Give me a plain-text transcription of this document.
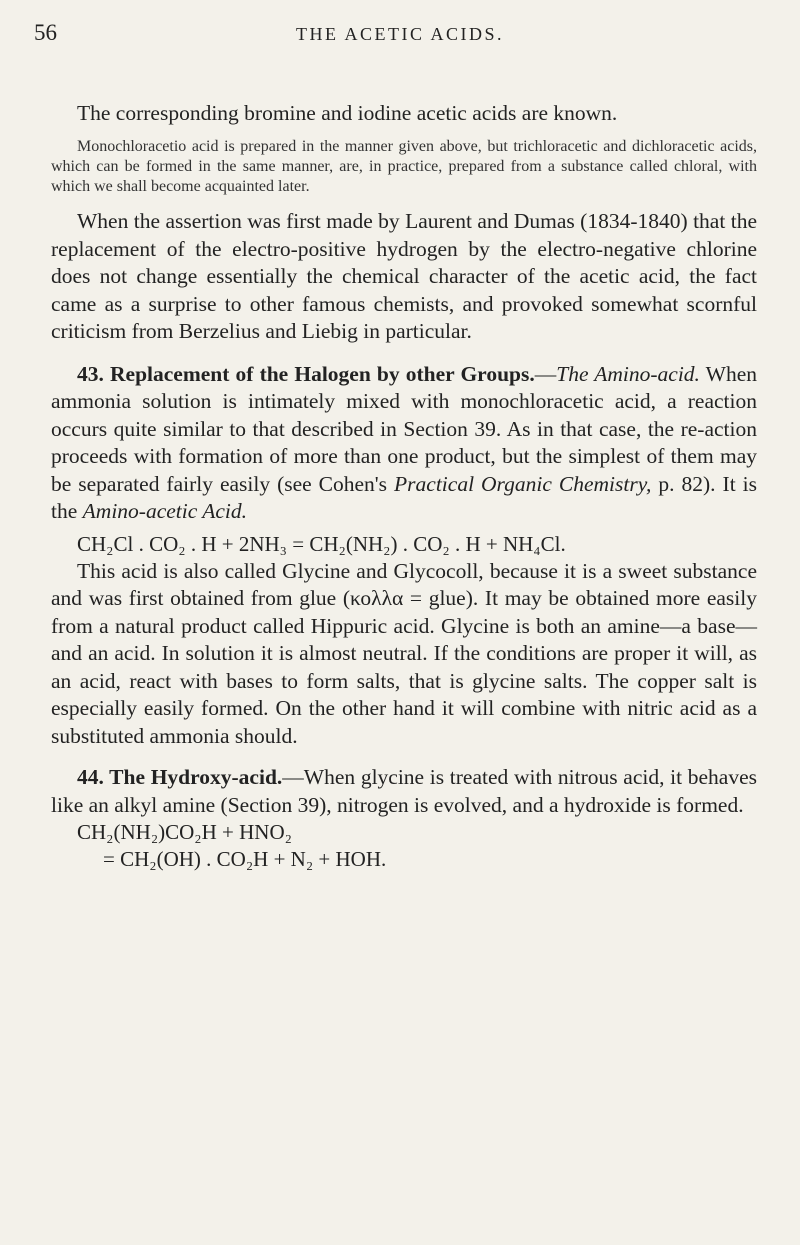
56	THE ACETIC ACIDS.

The corresponding bromine and iodine acetic acids are known.

Monochloracetio acid is prepared in the manner given above, but trichloracetic and dichloracetic acids, which can be formed in the same manner, are, in practice, prepared from a substance called chloral, with which we shall become acquainted later.

When the assertion was first made by Laurent and Dumas (1834-1840) that the replacement of the electro-positive hydrogen by the electro-negative chlorine does not change essentially the chemical character of the acetic acid, the fact came as a surprise to other famous chemists, and provoked somewhat scornful criticism from Berzelius and Liebig in particular.

43. Replacement of the Halogen by other Groups.—The Amino-acid. When ammonia solution is intimately mixed with monochloracetic acid, a reaction occurs quite similar to that described in Section 39. As in that case, the re-action proceeds with formation of more than one product, but the simplest of them may be separated fairly easily (see Cohen's Practical Organic Chemistry, p. 82). It is the Amino-acetic Acid.

CH₂Cl . CO₂ . H + 2NH₃ = CH₂(NH₂) . CO₂ . H + NH₄Cl.

This acid is also called Glycine and Glycocoll, because it is a sweet substance and was first obtained from glue (κολλα = glue). It may be obtained more easily from a natural product called Hippuric acid. Glycine is both an amine—a base—and an acid. In solution it is almost neutral. If the conditions are proper it will, as an acid, react with bases to form salts, that is glycine salts. The copper salt is especially easily formed. On the other hand it will combine with nitric acid as a substituted ammonia should.

44. The Hydroxy-acid.—When glycine is treated with nitrous acid, it behaves like an alkyl amine (Section 39), nitrogen is evolved, and a hydroxide is formed.

CH₂(NH₂)CO₂H + HNO₂
= CH₂(OH) . CO₂H + N₂ + HOH.
